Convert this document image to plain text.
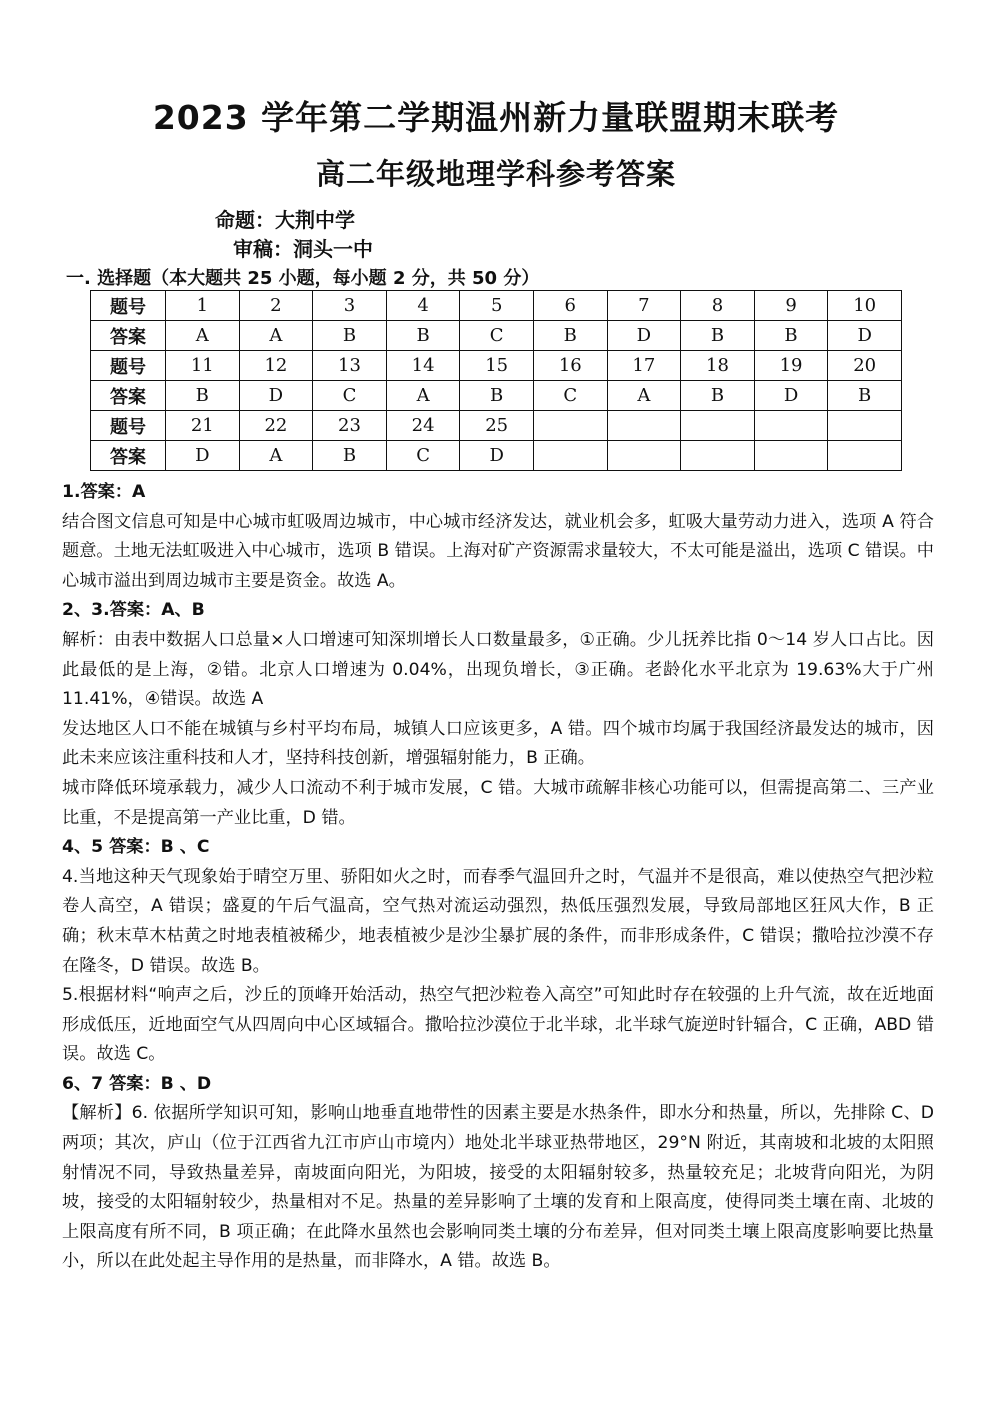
2023 学年第二学期温州新力量联盟期末联考
高二年级地理学科参考答案
命题：大荆中学
审稿：洞头一中
一. 选择题（本大题共 25 小题，每小题 2 分，共 50 分）
题号	1	2	3	4	5	6	7	8	9	10
答案	A	A	B	B	C	B	D	B	B	D
题号	11	12	13	14	15	16	17	18	19	20
答案	B	D	C	A	B	C	A	B	D	B
题号	21	22	23	24	25					
答案	D	A	B	C	D					

1.答案：A

结合图文信息可知是中心城市虹吸周边城市，中心城市经济发达，就业机会多，虹吸大量劳动力进入，选项 A 符合题意。土地无法虹吸进入中心城市，选项 B 错误。上海对矿产资源需求量较大，不太可能是溢出，选项 C 错误。中心城市溢出到周边城市主要是资金。故选 A。

2、3.答案：A、B

解析：由表中数据人口总量×人口增速可知深圳增长人口数量最多，①正确。少儿抚养比指 0～14 岁人口占比。因此最低的是上海，②错。北京人口增速为 0.04%，出现负增长，③正确。老龄化水平北京为 19.63%大于广州 11.41%，④错误。故选 A

发达地区人口不能在城镇与乡村平均布局，城镇人口应该更多，A 错。四个城市均属于我国经济最发达的城市，因此未来应该注重科技和人才，坚持科技创新，增强辐射能力，B 正确。

城市降低环境承载力，减少人口流动不利于城市发展，C 错。大城市疏解非核心功能可以，但需提高第二、三产业比重，不是提高第一产业比重，D 错。

4、5 答案：B 、C

4.当地这种天气现象始于晴空万里、骄阳如火之时，而春季气温回升之时，气温并不是很高，难以使热空气把沙粒卷人高空，A 错误；盛夏的午后气温高，空气热对流运动强烈，热低压强烈发展，导致局部地区狂风大作，B 正确；秋末草木枯黄之时地表植被稀少，地表植被少是沙尘暴扩展的条件，而非形成条件，C 错误；撒哈拉沙漠不存在隆冬，D 错误。故选 B。

5.根据材料“响声之后，沙丘的顶峰开始活动，热空气把沙粒卷入高空”可知此时存在较强的上升气流，故在近地面形成低压，近地面空气从四周向中心区域辐合。撒哈拉沙漠位于北半球，北半球气旋逆时针辐合，C 正确，ABD 错误。故选 C。

6、7 答案：B 、D

【解析】6. 依据所学知识可知，影响山地垂直地带性的因素主要是水热条件，即水分和热量，所以，先排除 C、D 两项；其次，庐山（位于江西省九江市庐山市境内）地处北半球亚热带地区，29°N 附近，其南坡和北坡的太阳照射情况不同，导致热量差异，南坡面向阳光，为阳坡，接受的太阳辐射较多，热量较充足；北坡背向阳光，为阴坡，接受的太阳辐射较少，热量相对不足。热量的差异影响了土壤的发育和上限高度，使得同类土壤在南、北坡的上限高度有所不同，B 项正确；在此降水虽然也会影响同类土壤的分布差异，但对同类土壤上限高度影响要比热量小，所以在此处起主导作用的是热量，而非降水，A 错。故选 B。
